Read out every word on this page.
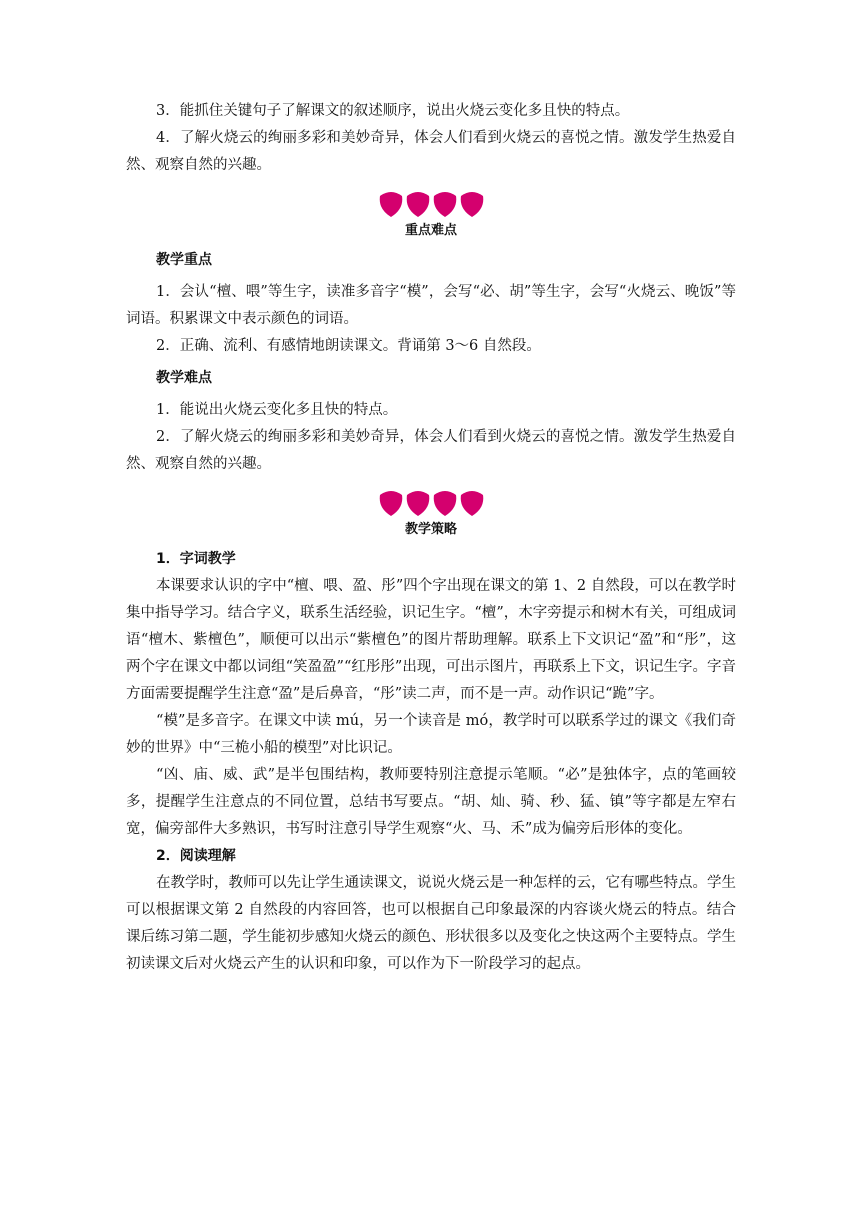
3．能抓住关键句子了解课文的叙述顺序，说出火烧云变化多且快的特点。

4．了解火烧云的绚丽多彩和美妙奇异，体会人们看到火烧云的喜悦之情。激发学生热爱自然、观察自然的兴趣。

重点难点
教学重点

1．会认“檀、喂”等生字，读准多音字“模”，会写“必、胡”等生字，会写“火烧云、晚饭”等词语。积累课文中表示颜色的词语。

2．正确、流利、有感情地朗读课文。背诵第 3～6 自然段。

教学难点

1．能说出火烧云变化多且快的特点。

2．了解火烧云的绚丽多彩和美妙奇异，体会人们看到火烧云的喜悦之情。激发学生热爱自然、观察自然的兴趣。

教学策略
1．字词教学

本课要求认识的字中“檀、喂、盈、彤”四个字出现在课文的第 1、2 自然段，可以在教学时集中指导学习。结合字义，联系生活经验，识记生字。“檀”，木字旁提示和树木有关，可组成词语“檀木、紫檀色”，顺便可以出示“紫檀色”的图片帮助理解。联系上下文识记“盈”和“彤”，这两个字在课文中都以词组“笑盈盈”“红彤彤”出现，可出示图片，再联系上下文，识记生字。字音方面需要提醒学生注意“盈”是后鼻音，“彤”读二声，而不是一声。动作识记“跪”字。

“模”是多音字。在课文中读 mú，另一个读音是 mó，教学时可以联系学过的课文《我们奇妙的世界》中“三桅小船的模型”对比识记。

“凶、庙、威、武”是半包围结构，教师要特别注意提示笔顺。“必”是独体字，点的笔画较多，提醒学生注意点的不同位置，总结书写要点。“胡、灿、骑、秒、猛、镇”等字都是左窄右宽，偏旁部件大多熟识，书写时注意引导学生观察“火、马、禾”成为偏旁后形体的变化。

2．阅读理解

在教学时，教师可以先让学生通读课文，说说火烧云是一种怎样的云，它有哪些特点。学生可以根据课文第 2 自然段的内容回答，也可以根据自己印象最深的内容谈火烧云的特点。结合课后练习第二题，学生能初步感知火烧云的颜色、形状很多以及变化之快这两个主要特点。学生初读课文后对火烧云产生的认识和印象，可以作为下一阶段学习的起点。
